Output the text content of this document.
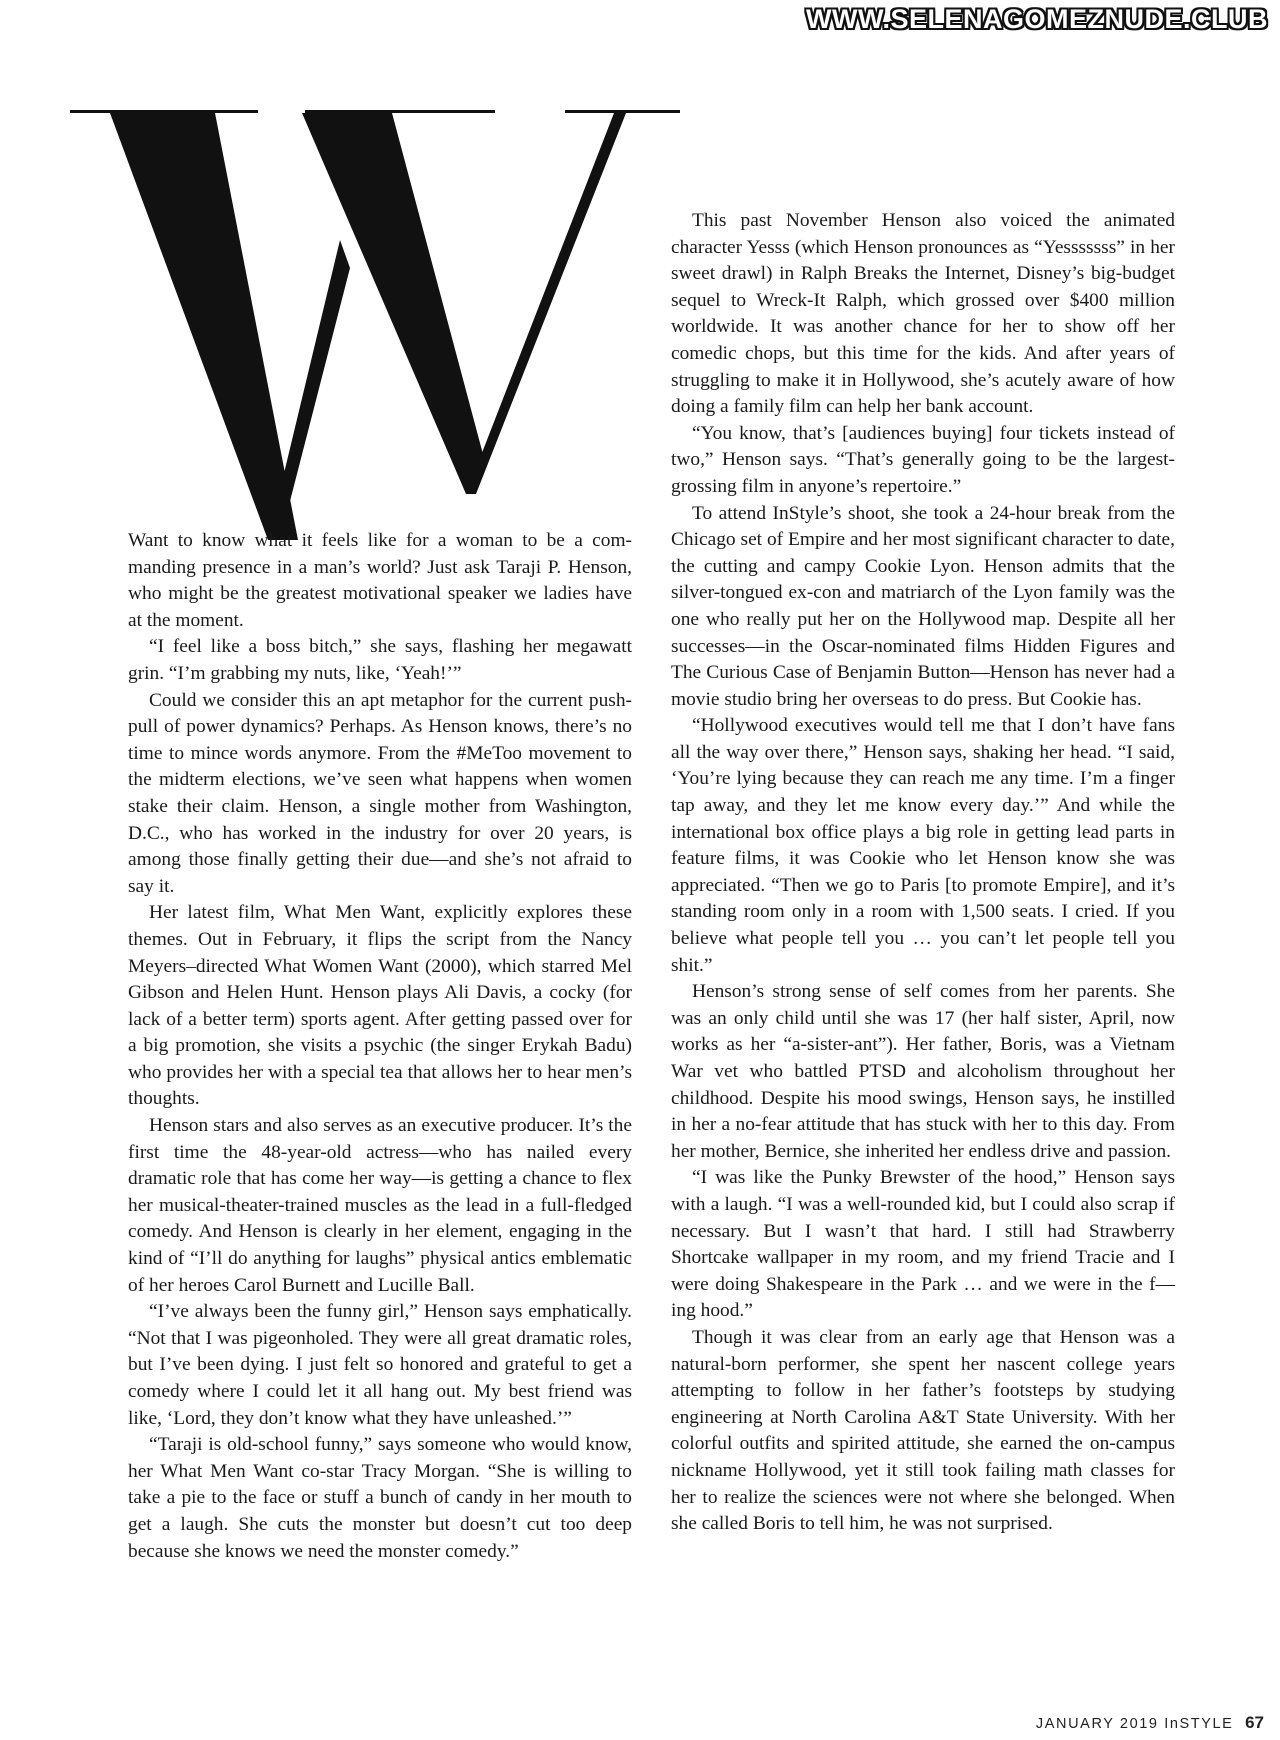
WWW.SELENAGOMEZNUDE.CLUB

Want to know what it feels like for a woman to be a commanding presence in a man’s world? Just ask Taraji P. Henson, who might be the greatest motivational speaker we ladies have at the moment.

“I feel like a boss bitch,” she says, flashing her megawatt grin. “I’m grabbing my nuts, like, ‘Yeah!’”

Could we consider this an apt metaphor for the current push-pull of power dynamics? Perhaps. As Henson knows, there’s no time to mince words anymore. From the #MeToo movement to the midterm elections, we’ve seen what happens when women stake their claim. Henson, a single mother from Washington, D.C., who has worked in the industry for over 20 years, is among those finally getting their due—and she’s not afraid to say it.

Her latest film, What Men Want, explicitly explores these themes. Out in February, it flips the script from the Nancy Meyers–directed What Women Want (2000), which starred Mel Gibson and Helen Hunt. Henson plays Ali Davis, a cocky (for lack of a better term) sports agent. After getting passed over for a big promotion, she visits a psychic (the singer Erykah Badu) who provides her with a special tea that allows her to hear men’s thoughts.

Henson stars and also serves as an executive producer. It’s the first time the 48-year-old actress—who has nailed every dramatic role that has come her way—is getting a chance to flex her musical-theater-trained muscles as the lead in a full-fledged comedy. And Henson is clearly in her element, engaging in the kind of “I’ll do anything for laughs” physical antics emblematic of her heroes Carol Burnett and Lucille Ball.

“I’ve always been the funny girl,” Henson says emphatically. “Not that I was pigeonholed. They were all great dramatic roles, but I’ve been dying. I just felt so honored and grateful to get a comedy where I could let it all hang out. My best friend was like, ‘Lord, they don’t know what they have unleashed.’”

“Taraji is old-school funny,” says someone who would know, her What Men Want co-star Tracy Morgan. “She is willing to take a pie to the face or stuff a bunch of candy in her mouth to get a laugh. She cuts the monster but doesn’t cut too deep because she knows we need the monster comedy.”

This past November Henson also voiced the animated character Yesss (which Henson pronounces as “Yesssssss” in her sweet drawl) in Ralph Breaks the Internet, Disney’s big-budget sequel to Wreck-It Ralph, which grossed over $400 million worldwide. It was another chance for her to show off her comedic chops, but this time for the kids. And after years of struggling to make it in Hollywood, she’s acutely aware of how doing a family film can help her bank account.

“You know, that’s [audiences buying] four tickets instead of two,” Henson says. “That’s generally going to be the largest-grossing film in anyone’s repertoire.”

To attend InStyle’s shoot, she took a 24-hour break from the Chicago set of Empire and her most significant character to date, the cutting and campy Cookie Lyon. Henson admits that the silver-tongued ex-con and matriarch of the Lyon family was the one who really put her on the Hollywood map. Despite all her successes—in the Oscar-nominated films Hidden Figures and The Curious Case of Benjamin Button—Henson has never had a movie studio bring her overseas to do press. But Cookie has.

“Hollywood executives would tell me that I don’t have fans all the way over there,” Henson says, shaking her head. “I said, ‘You’re lying because they can reach me any time. I’m a finger tap away, and they let me know every day.’” And while the international box office plays a big role in getting lead parts in feature films, it was Cookie who let Henson know she was appreciated. “Then we go to Paris [to promote Empire], and it’s standing room only in a room with 1,500 seats. I cried. If you believe what people tell you … you can’t let people tell you shit.”

Henson’s strong sense of self comes from her parents. She was an only child until she was 17 (her half sister, April, now works as her “a-sister-ant”). Her father, Boris, was a Vietnam War vet who battled PTSD and alcoholism throughout her childhood. Despite his mood swings, Henson says, he instilled in her a no-fear attitude that has stuck with her to this day. From her mother, Bernice, she inherited her endless drive and passion.

“I was like the Punky Brewster of the hood,” Henson says with a laugh. “I was a well-rounded kid, but I could also scrap if necessary. But I wasn’t that hard. I still had Strawberry Shortcake wallpaper in my room, and my friend Tracie and I were doing Shakespeare in the Park … and we were in the f—ing hood.”

Though it was clear from an early age that Henson was a natural-born performer, she spent her nascent college years attempting to follow in her father’s footsteps by studying engineering at North Carolina A&T State University. With her colorful outfits and spirited attitude, she earned the on-campus nickname Hollywood, yet it still took failing math classes for her to realize the sciences were not where she belonged. When she called Boris to tell him, he was not surprised.

JANUARY 2019 InSTYLE 67
